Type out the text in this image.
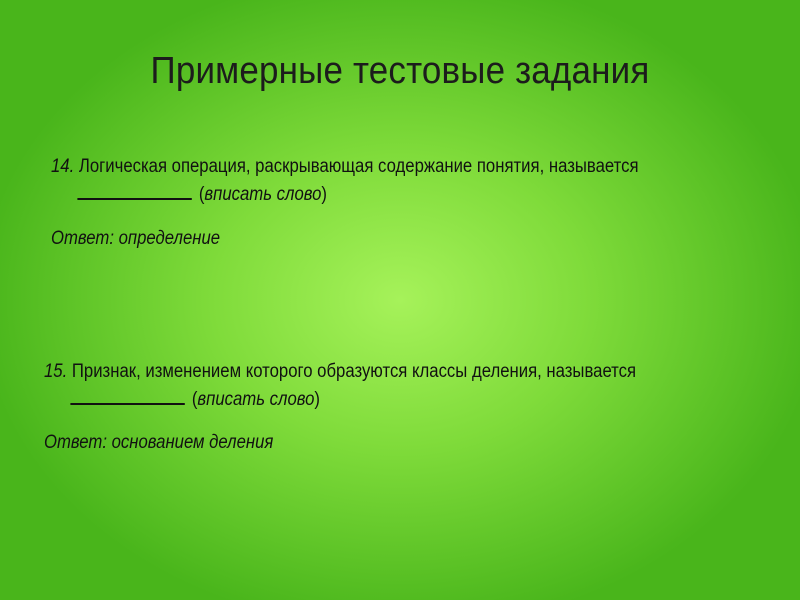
Примерные тестовые задания
14. Логическая операция, раскрывающая содержание понятия, называется
(вписать слово)
Ответ: определение
15. Признак, изменением которого образуются классы деления, называется
(вписать слово)
Ответ: основанием деления
